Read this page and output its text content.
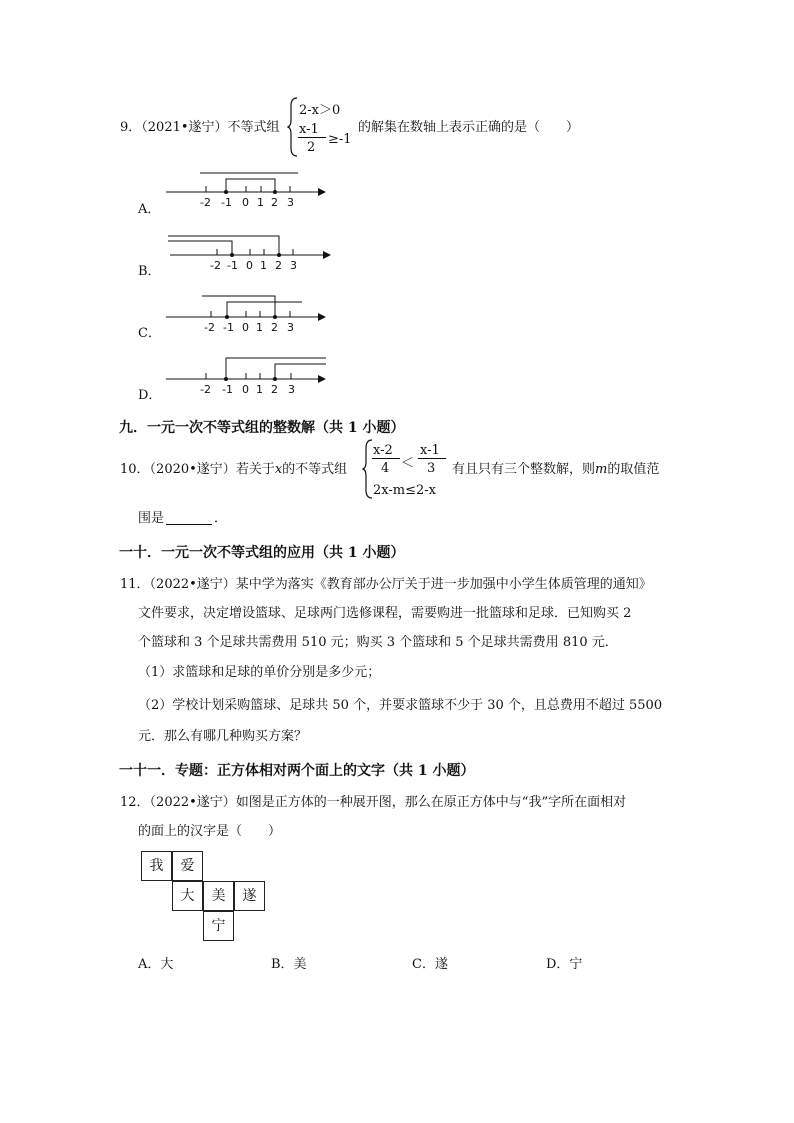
9．（2021•遂宁）不等式组
2-x＞0
x-1
2
≥-1
的解集在数轴上表示正确的是（　　）
A．	-2 -1 0 1 2 3
B．	-2 -1 0 1 2 3
C．	-2 -1 0 1 2 3
D．	-2 -1 0 1 2 3
九．一元一次不等式组的整数解（共 1 小题）
10．（2020•遂宁）若关于x的不等式组
x-2
4 ＜
x-1
3
2x-m≤2-x
有且只有三个整数解，则m的取值范
围是	．
一十．一元一次不等式组的应用（共 1 小题）
11．（2022•遂宁）某中学为落实《教育部办公厅关于进一步加强中小学生体质管理的通知》
文件要求，决定增设篮球、足球两门选修课程，需要购进一批篮球和足球．已知购买 2
个篮球和 3 个足球共需费用 510 元；购买 3 个篮球和 5 个足球共需费用 810 元．
（1）求篮球和足球的单价分别是多少元；
（2）学校计划采购篮球、足球共 50 个，并要求篮球不少于 30 个，且总费用不超过 5500
元．那么有哪几种购买方案？
一十一．专题：正方体相对两个面上的文字（共 1 小题）
12．（2022•遂宁）如图是正方体的一种展开图，那么在原正方体中与“我”字所在面相对
的面上的汉字是（　　）
我	爱
大	美	遂
宁
A．大	B．美	C．遂	D．宁
